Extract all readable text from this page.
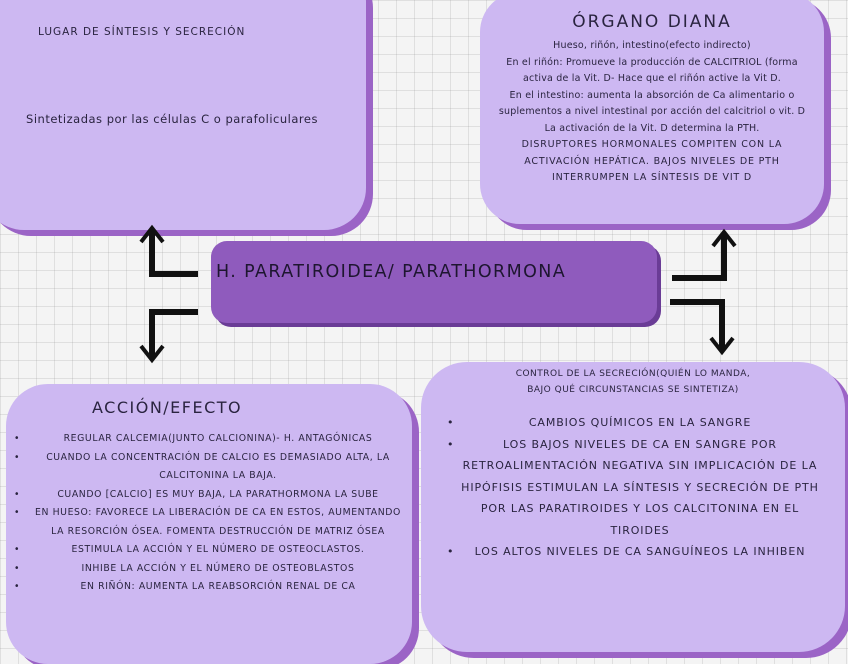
LUGAR DE SÍNTESIS Y SECRECIÓN
Sintetizadas por las células C o parafoliculares
ÓRGANO DIANA

Hueso, riñón, intestino(efecto indirecto)

En el riñón: Promueve la producción de CALCITRIOL (forma activa de la Vit. D- Hace que el riñón active la Vit D.

En el intestino: aumenta la absorción de Ca alimentario o suplementos a nivel intestinal por acción del calcitriol o vit. D

La activación de la Vit. D determina la PTH.

DISRUPTORES HORMONALES COMPITEN CON LA ACTIVACIÓN HEPÁTICA. BAJOS NIVELES DE PTH INTERRUMPEN LA SÍNTESIS DE VIT D

H. PARATIROIDEA/ PARATHORMONA
ACCIÓN/EFECTO
• REGULAR CALCEMIA(JUNTO CALCIONINA)- H. ANTAGÓNICAS
• CUANDO LA CONCENTRACIÓN DE CALCIO ES DEMASIADO ALTA, LA CALCITONINA LA BAJA.
• CUANDO [CALCIO] ES MUY BAJA, LA PARATHORMONA LA SUBE
• EN HUESO: FAVORECE LA LIBERACIÓN DE CA EN ESTOS, AUMENTANDO LA RESORCIÓN ÓSEA. FOMENTA DESTRUCCIÓN DE MATRIZ ÓSEA
• ESTIMULA LA ACCIÓN Y EL NÚMERO DE OSTEOCLASTOS.
• INHIBE LA ACCIÓN Y EL NÚMERO DE OSTEOBLASTOS
• EN RIÑÓN: AUMENTA LA REABSORCIÓN RENAL DE CA
CONTROL DE LA SECRECIÓN(QUIÉN LO MANDA,
BAJO QUÉ CIRCUNSTANCIAS SE SINTETIZA)
• CAMBIOS QUÍMICOS EN LA SANGRE
• LOS BAJOS NIVELES DE CA EN SANGRE POR RETROALIMENTACIÓN NEGATIVA SIN IMPLICACIÓN DE LA HIPÓFISIS ESTIMULAN LA SÍNTESIS Y SECRECIÓN DE PTH POR LAS PARATIROIDES Y LOS CALCITONINA EN EL TIROIDES
• LOS ALTOS NIVELES DE CA SANGUÍNEOS LA INHIBEN
